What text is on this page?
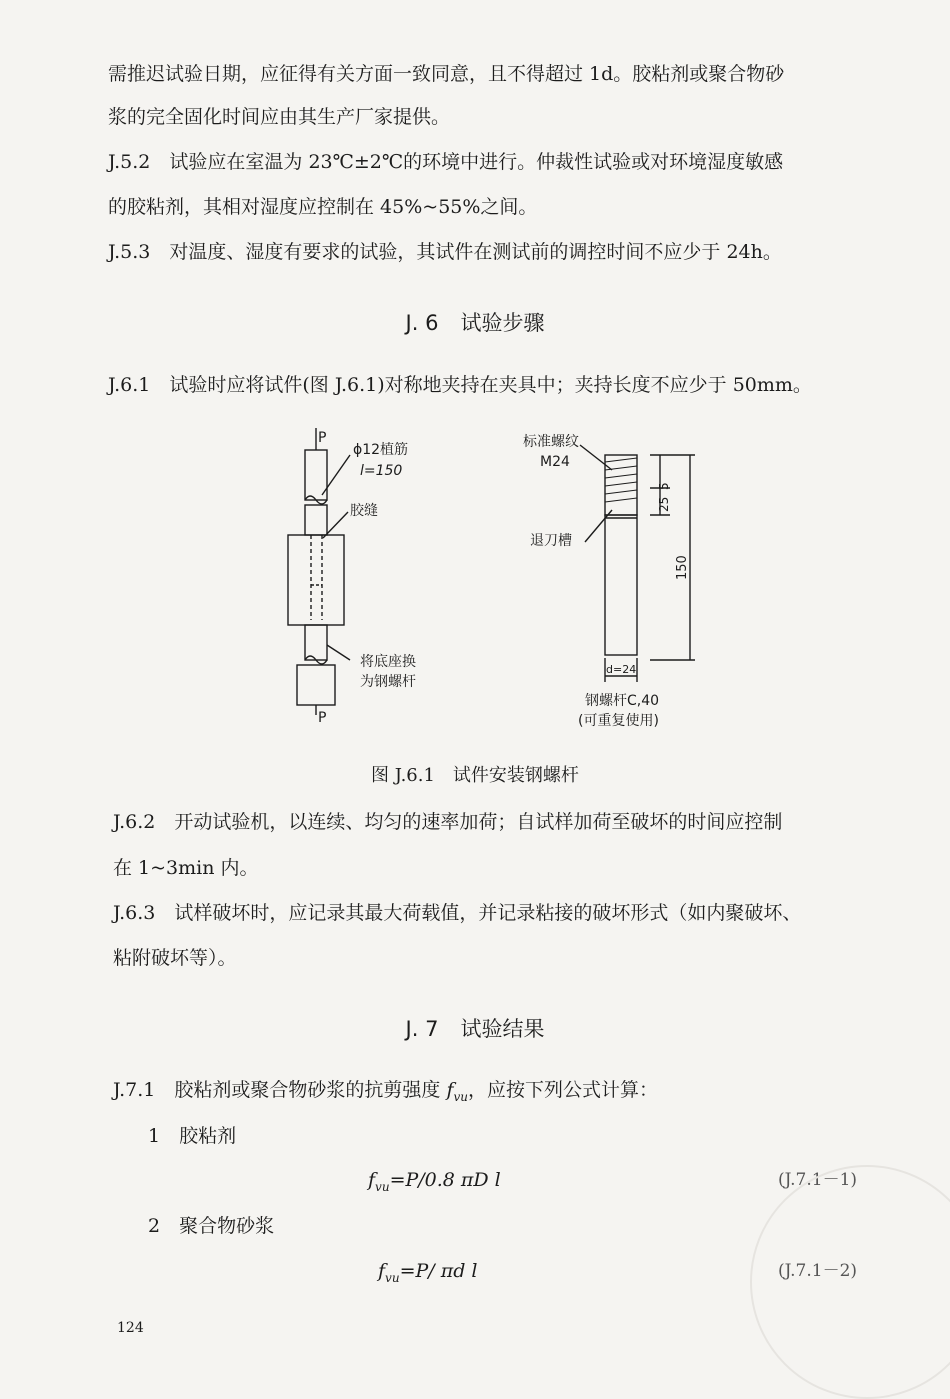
需推迟试验日期，应征得有关方面一致同意，且不得超过 1d。胶粘剂或聚合物砂
浆的完全固化时间应由其生产厂家提供。
J.5.2　试验应在室温为 23℃±2℃的环境中进行。仲裁性试验或对环境湿度敏感
的胶粘剂，其相对湿度应控制在 45%~55%之间。
J.5.3　对温度、湿度有要求的试验，其试件在测试前的调控时间不应少于 24h。
J. 6 试验步骤
J.6.1　试验时应将试件(图 J.6.1)对称地夹持在夹具中；夹持长度不应少于 50mm。
P
P
ϕ12植筋
l=150
胶缝
将底座换
为钢螺杆
标准螺纹
M24
退刀槽
5
25
150
d=24
钢螺杆C,40
(可重复使用)
图 J.6.1　试件安装钢螺杆
J.6.2　开动试验机，以连续、均匀的速率加荷；自试样加荷至破坏的时间应控制
在 1~3min 内。
J.6.3　试样破坏时，应记录其最大荷载值，并记录粘接的破坏形式（如内聚破坏、
粘附破坏等）。
J. 7 试验结果
J.7.1　胶粘剂或聚合物砂浆的抗剪强度 $f_{vu}$，应按下列公式计算：
1　胶粘剂
$f_{vu}=P/0.8$ πD l	(J.7.1－1)
2　聚合物砂浆
$f_{vu}=P/$ πd l	(J.7.1－2)
124
